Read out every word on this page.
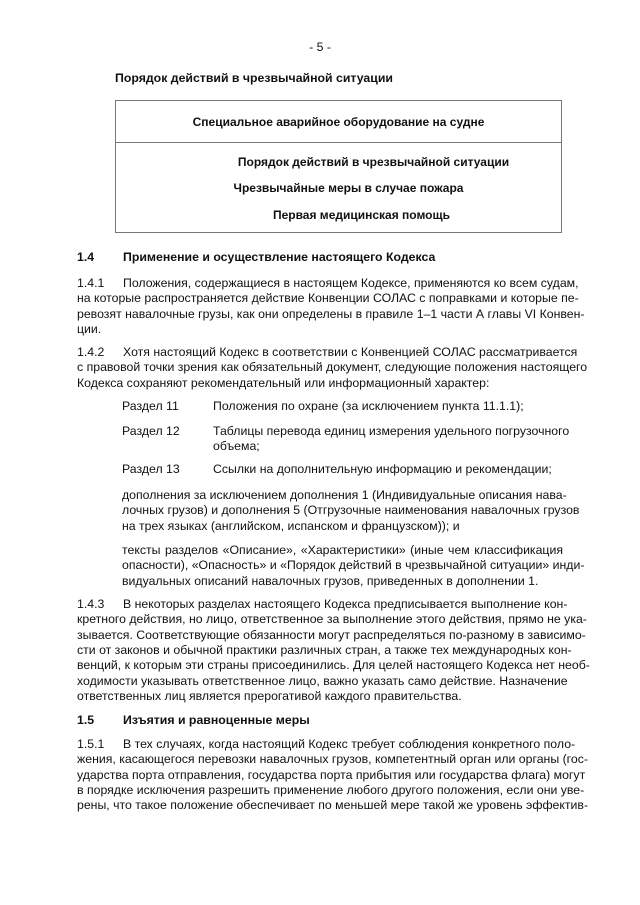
- 5 -
Порядок действий в чрезвычайной ситуации
Специальное аварийное оборудование на судне
Порядок действий в чрезвычайной ситуации
Чрезвычайные меры в случае пожара
Первая медицинская помощь
1.4 Применение и осуществление настоящего Кодекса
1.4.1 Положения, содержащиеся в настоящем Кодексе, применяются ко всем судам,
на которые распространяется действие Конвенции СОЛАС с поправками и которые пе-
ревозят навалочные грузы, как они определены в правиле 1–1 части А главы VI Конвен-
ции.
1.4.2 Хотя настоящий Кодекс в соответствии с Конвенцией СОЛАС рассматривается
с правовой точки зрения как обязательный документ, следующие положения настоящего
Кодекса сохраняют рекомендательный или информационный характер:
Раздел 11	Положения по охране (за исключением пункта 11.1.1);
Раздел 12	Таблицы перевода единиц измерения удельного погрузочного
объема;
Раздел 13	Ссылки на дополнительную информацию и рекомендации;
дополнения за исключением дополнения 1 (Индивидуальные описания нава-
лочных грузов) и дополнения 5 (Отгрузочные наименования навалочных грузов
на трех языках (английском, испанском и французском)); и
тексты разделов «Описание», «Характеристики» (иные чем классификация
опасности), «Опасность» и «Порядок действий в чрезвычайной ситуации» инди-
видуальных описаний навалочных грузов, приведенных в дополнении 1.
1.4.3 В некоторых разделах настоящего Кодекса предписывается выполнение кон-
кретного действия, но лицо, ответственное за выполнение этого действия, прямо не ука-
зывается. Соответствующие обязанности могут распределяться по-разному в зависимо-
сти от законов и обычной практики различных стран, а также тех международных кон-
венций, к которым эти страны присоединились. Для целей настоящего Кодекса нет необ-
ходимости указывать ответственное лицо, важно указать само действие. Назначение
ответственных лиц является прерогативой каждого правительства.
1.5 Изъятия и равноценные меры
1.5.1 В тех случаях, когда настоящий Кодекс требует соблюдения конкретного поло-
жения, касающегося перевозки навалочных грузов, компетентный орган или органы (гос-
ударства порта отправления, государства порта прибытия или государства флага) могут
в порядке исключения разрешить применение любого другого положения, если они уве-
рены, что такое положение обеспечивает по меньшей мере такой же уровень эффектив-
